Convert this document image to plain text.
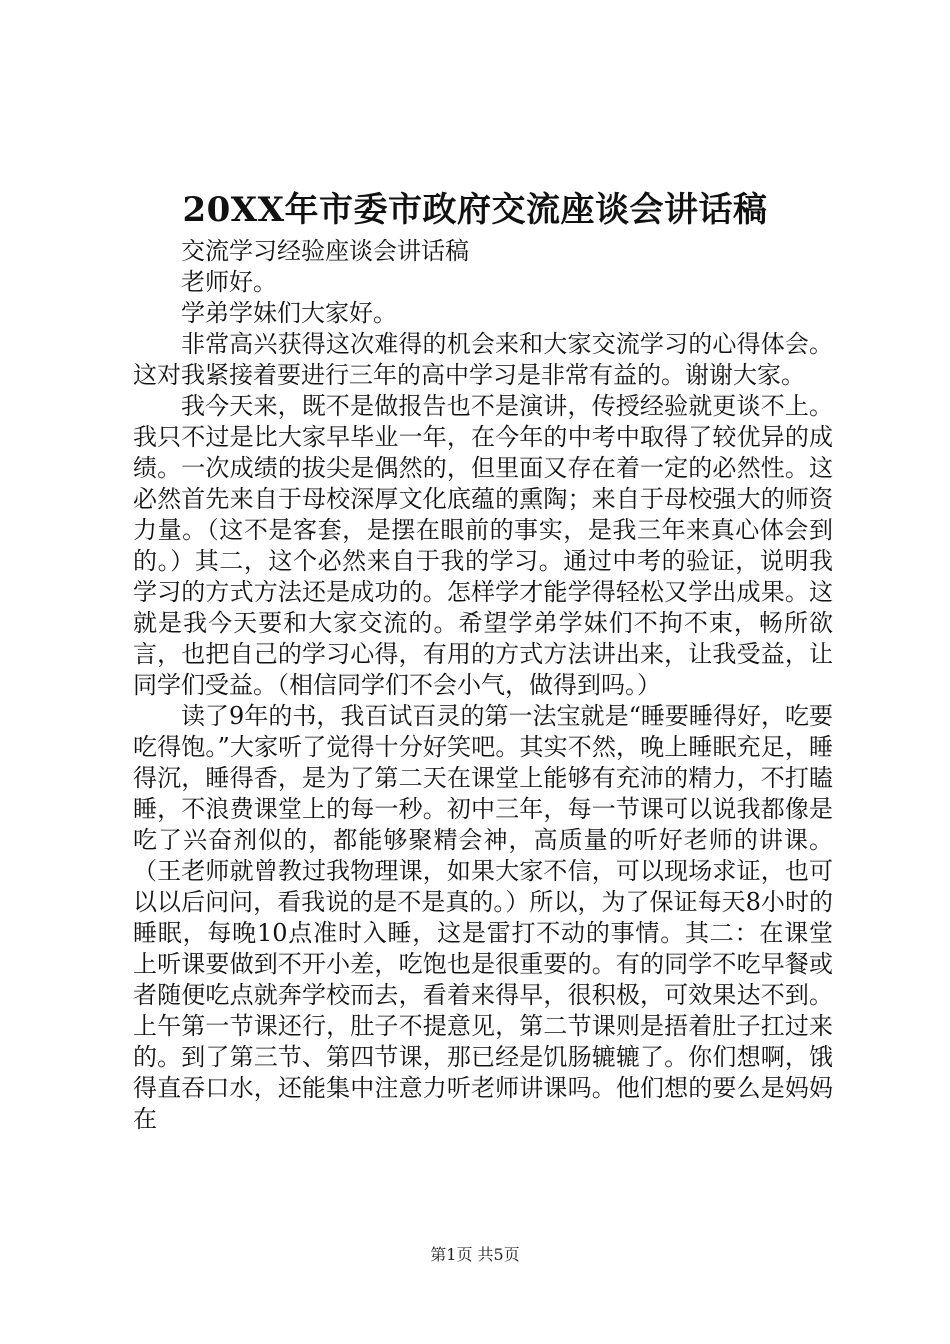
20XX年市委市政府交流座谈会讲话稿

交流学习经验座谈会讲话稿

老师好。

学弟学妹们大家好。

非常高兴获得这次难得的机会来和大家交流学习的心得体会。这对我紧接着要进行三年的高中学习是非常有益的。谢谢大家。

我今天来，既不是做报告也不是演讲，传授经验就更谈不上。我只不过是比大家早毕业一年，在今年的中考中取得了较优异的成绩。一次成绩的拔尖是偶然的，但里面又存在着一定的必然性。这必然首先来自于母校深厚文化底蕴的熏陶；来自于母校强大的师资力量。（这不是客套，是摆在眼前的事实，是我三年来真心体会到的。）其二，这个必然来自于我的学习。通过中考的验证，说明我学习的方式方法还是成功的。怎样学才能学得轻松又学出成果。这就是我今天要和大家交流的。希望学弟学妹们不拘不束，畅所欲言，也把自己的学习心得，有用的方式方法讲出来，让我受益，让同学们受益。（相信同学们不会小气，做得到吗。）

读了9年的书，我百试百灵的第一法宝就是“睡要睡得好，吃要吃得饱。”大家听了觉得十分好笑吧。其实不然，晚上睡眠充足，睡得沉，睡得香，是为了第二天在课堂上能够有充沛的精力，不打瞌睡，不浪费课堂上的每一秒。初中三年，每一节课可以说我都像是吃了兴奋剂似的，都能够聚精会神，高质量的听好老师的讲课。（王老师就曾教过我物理课，如果大家不信，可以现场求证，也可以以后问问，看我说的是不是真的。）所以，为了保证每天8小时的睡眠，每晚10点准时入睡，这是雷打不动的事情。其二：在课堂上听课要做到不开小差，吃饱也是很重要的。有的同学不吃早餐或者随便吃点就奔学校而去，看着来得早，很积极，可效果达不到。上午第一节课还行，肚子不提意见，第二节课则是捂着肚子扛过来的。到了第三节、第四节课，那已经是饥肠辘辘了。你们想啊，饿得直吞口水，还能集中注意力听老师讲课吗。他们想的要么是妈妈在

第1页 共5页
